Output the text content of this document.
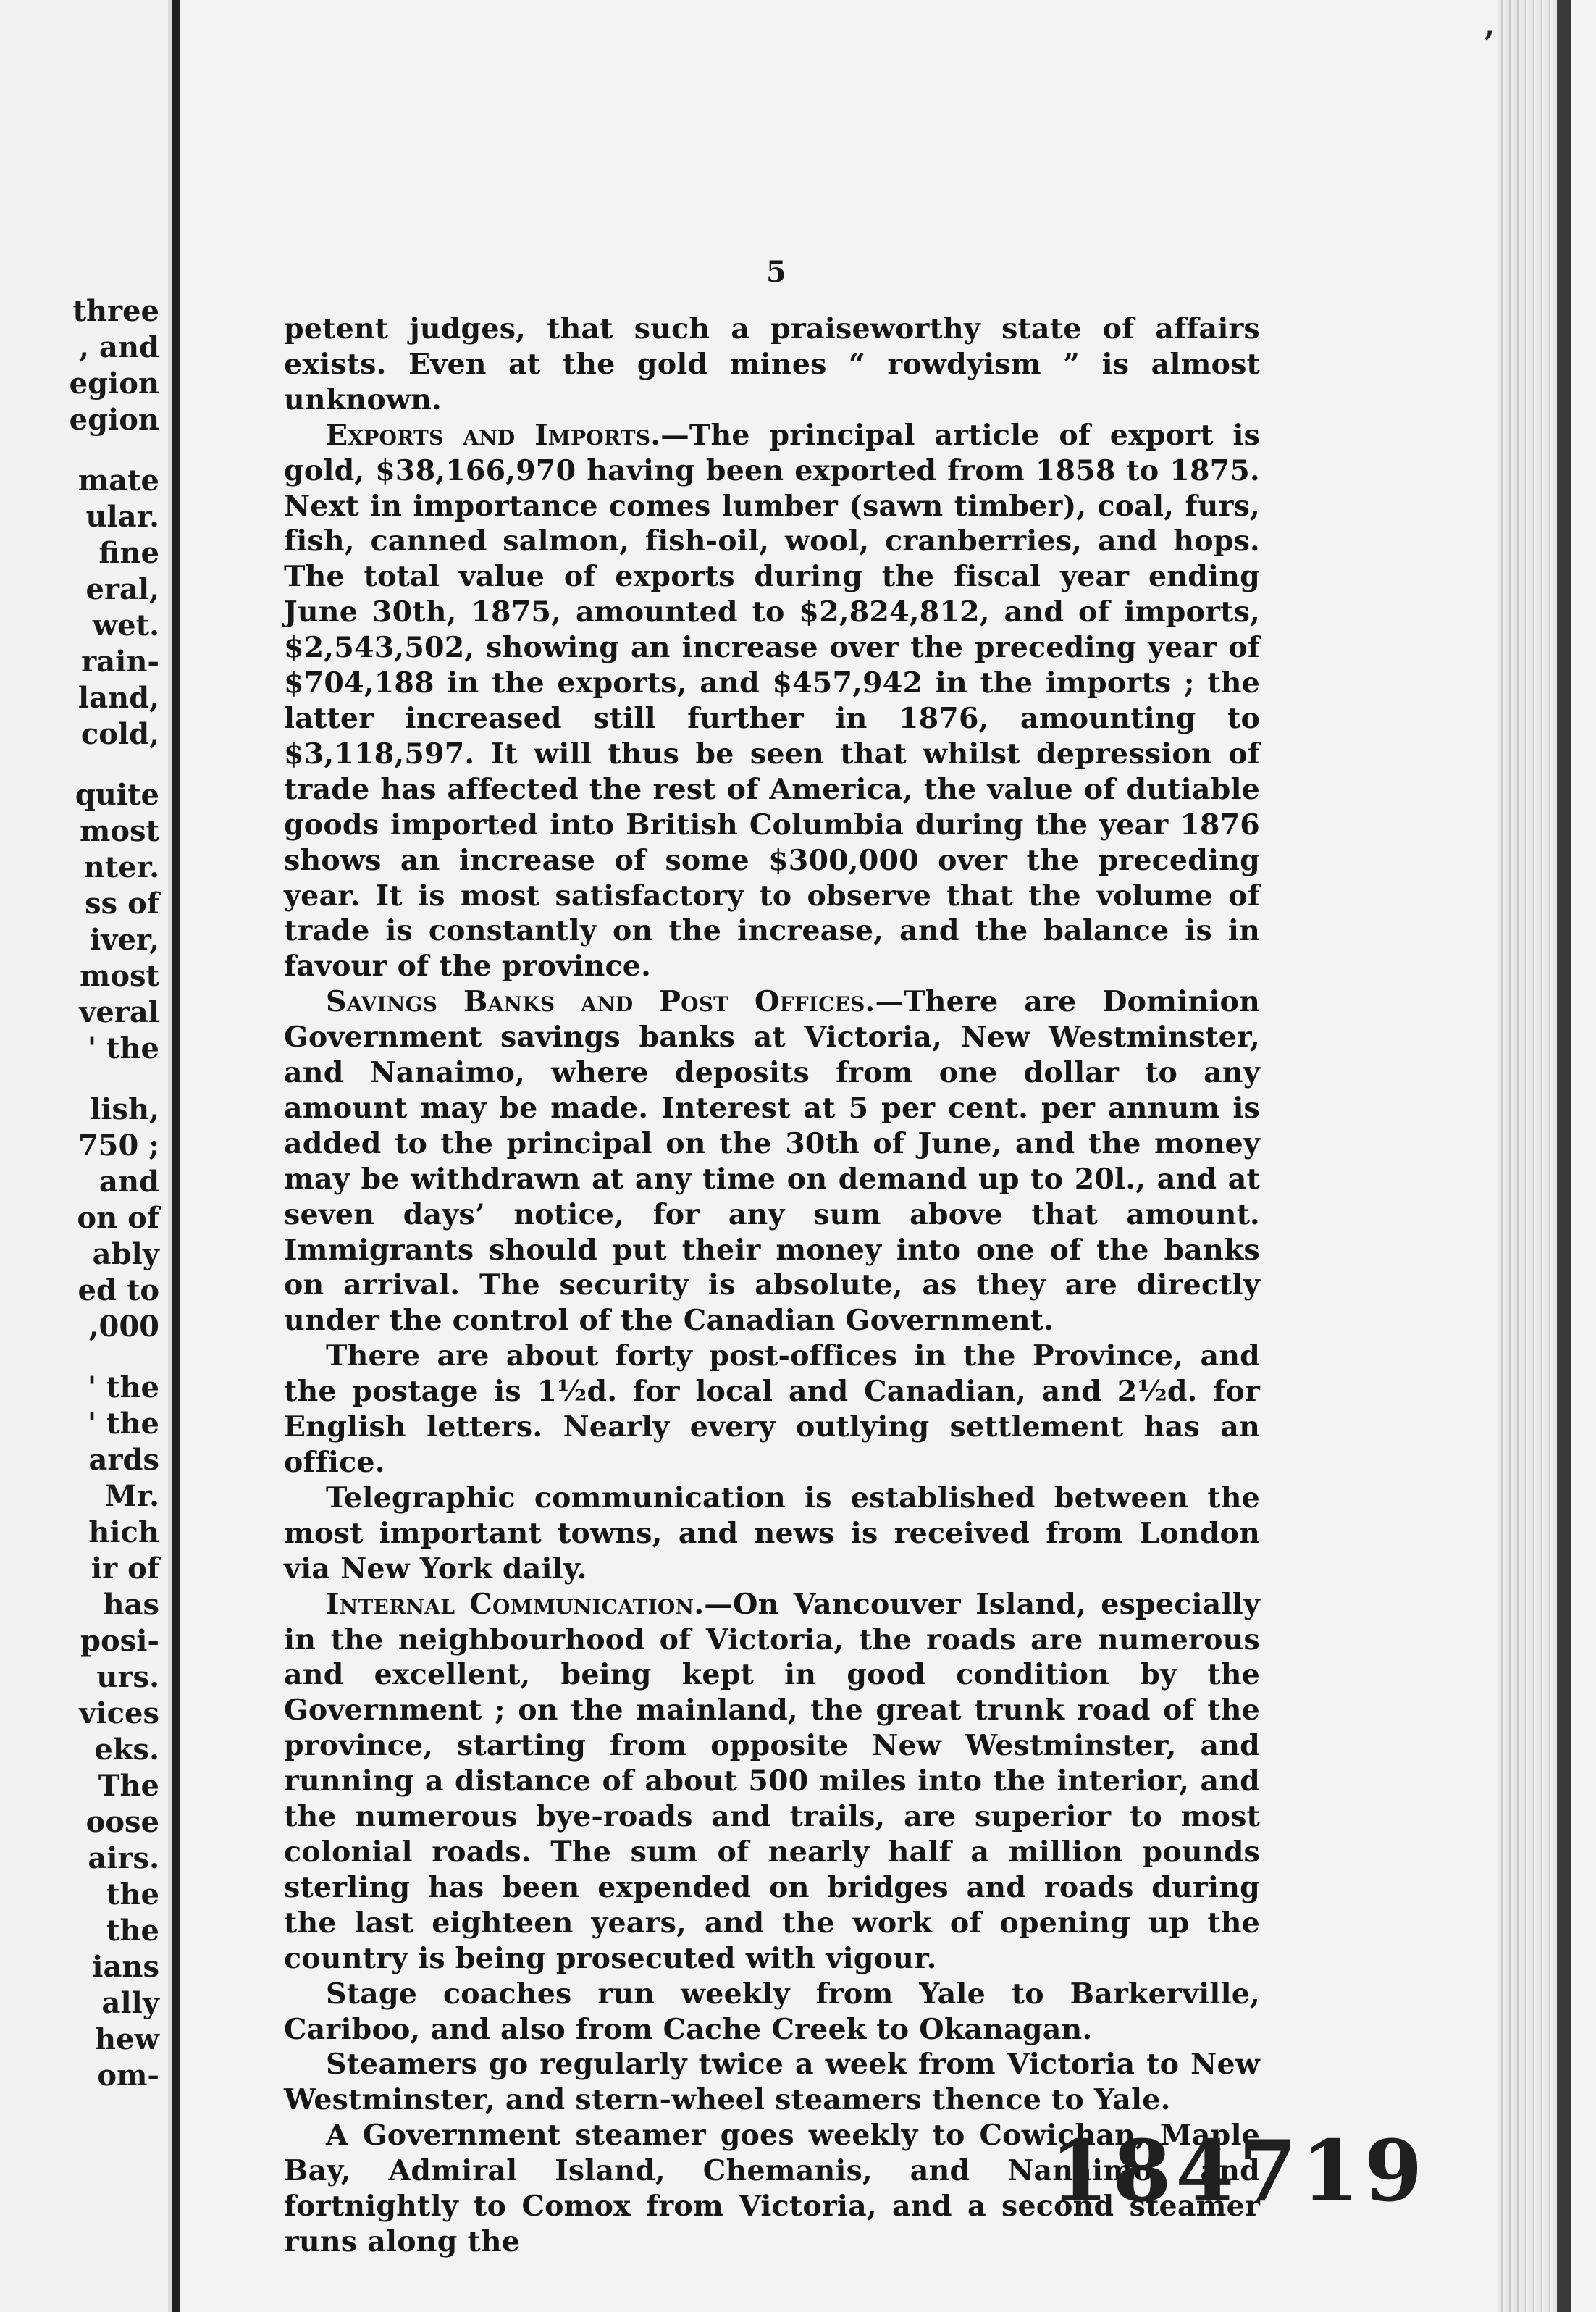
three
, and
egion
egion
mate
ular.
fine
eral,
wet.
rain-
land,
cold,
quite
most
nter.
ss of
iver,
most
veral
' the
lish,
750 ;
and
on of
ably
ed to
,000
' the
' the
ards
Mr.
hich
ir of
has
posi-
urs.
vices
eks.
The
oose
airs.
the
the
ians
ally
hew
om-
,
5

petent judges, that such a praiseworthy state of affairs exists. Even at the gold mines “ rowdyism ” is almost unknown.

Exports and Imports.—The principal article of export is gold, $38,166,970 having been exported from 1858 to 1875. Next in importance comes lumber (sawn timber), coal, furs, fish, canned salmon, fish-oil, wool, cranberries, and hops. The total value of exports during the fiscal year ending June 30th, 1875, amounted to $2,824,812, and of imports, $2,543,502, showing an increase over the preceding year of $704,188 in the exports, and $457,942 in the imports ; the latter increased still further in 1876, amounting to $3,118,597. It will thus be seen that whilst depression of trade has affected the rest of America, the value of dutiable goods imported into British Columbia during the year 1876 shows an increase of some $300,000 over the preceding year. It is most satisfactory to observe that the volume of trade is constantly on the increase, and the balance is in favour of the province.

Savings Banks and Post Offices.—There are Dominion Government savings banks at Victoria, New Westminster, and Nanaimo, where deposits from one dollar to any amount may be made. Interest at 5 per cent. per annum is added to the principal on the 30th of June, and the money may be withdrawn at any time on demand up to 20l., and at seven days’ notice, for any sum above that amount. Immigrants should put their money into one of the banks on arrival. The security is absolute, as they are directly under the control of the Canadian Government.

There are about forty post-offices in the Province, and the postage is 1½d. for local and Canadian, and 2½d. for English letters. Nearly every outlying settlement has an office.

Telegraphic communication is established between the most important towns, and news is received from London via New York daily.

Internal Communication.—On Vancouver Island, especially in the neighbourhood of Victoria, the roads are numerous and excellent, being kept in good condition by the Government ; on the mainland, the great trunk road of the province, starting from opposite New Westminster, and running a distance of about 500 miles into the interior, and the numerous bye-roads and trails, are superior to most colonial roads. The sum of nearly half a million pounds sterling has been expended on bridges and roads during the last eighteen years, and the work of opening up the country is being prosecuted with vigour.

Stage coaches run weekly from Yale to Barkerville, Cariboo, and also from Cache Creek to Okanagan.

Steamers go regularly twice a week from Victoria to New Westminster, and stern-wheel steamers thence to Yale.

A Government steamer goes weekly to Cowichan, Maple Bay, Admiral Island, Chemanis, and Nanaimo, and fortnightly to Comox from Victoria, and a second steamer runs along the

184719
